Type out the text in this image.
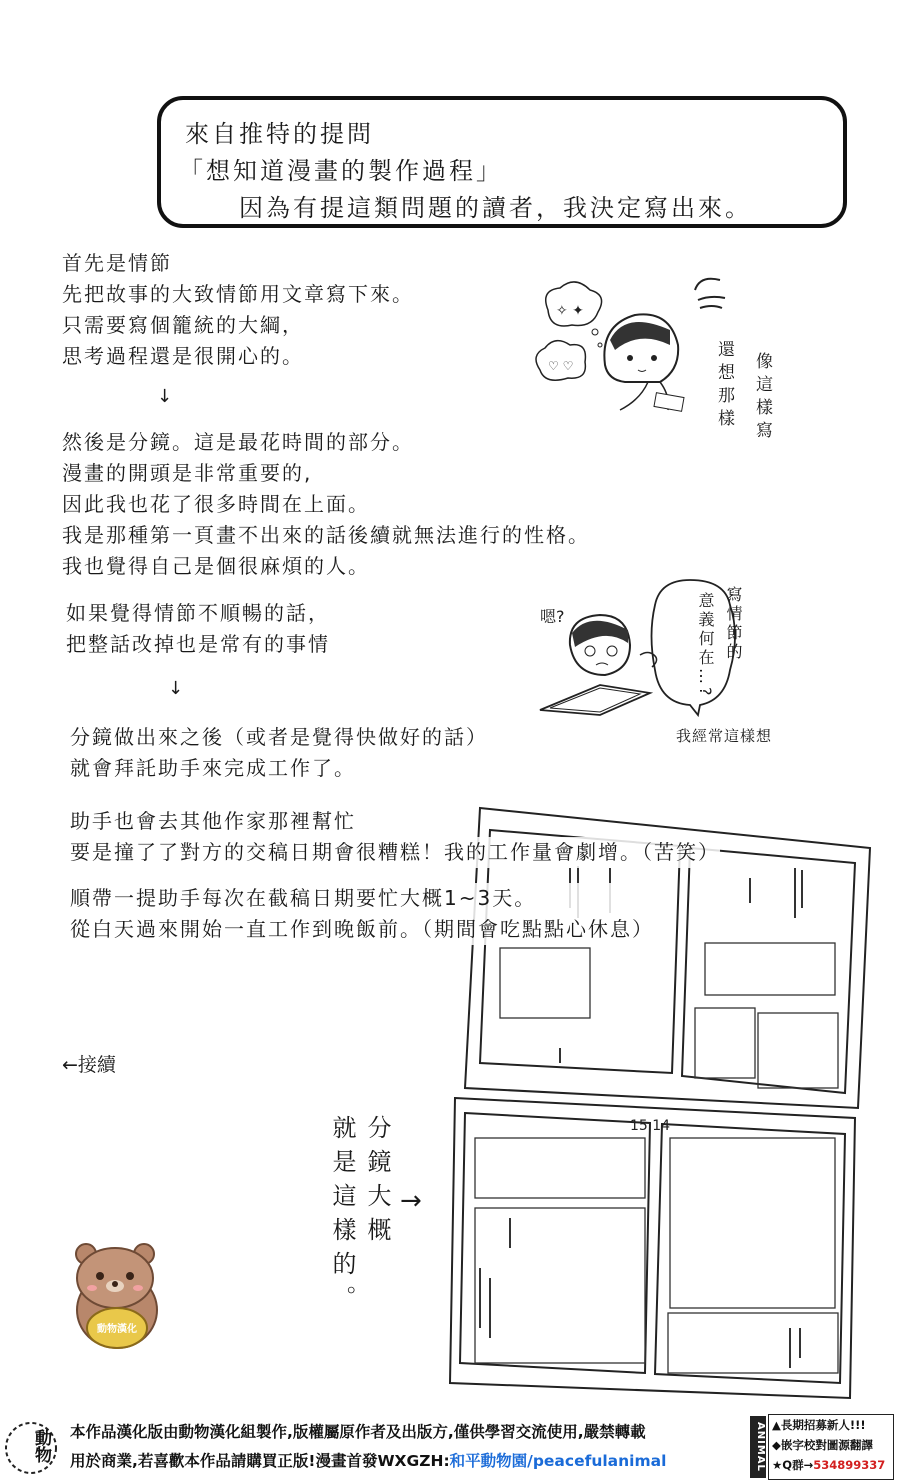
來自推特的提問
「想知道漫畫的製作過程」
因為有提這類問題的讀者，我決定寫出來。
首先是情節
先把故事的大致情節用文章寫下來。
只需要寫個籠統的大綱，
思考過程還是很開心的。
↓
然後是分鏡。這是最花時間的部分。
漫畫的開頭是非常重要的,
因此我也花了很多時間在上面。
我是那種第一頁畫不出來的話後續就無法進行的性格。
我也覺得自己是個很麻煩的人。
如果覺得情節不順暢的話，
把整話改掉也是常有的事情
↓
分鏡做出來之後（或者是覺得快做好的話）
就會拜託助手來完成工作了。
✧ ✦
♡ ♡	像這樣寫
還想那樣
嗯?	寫情節的
意義何在…?
我經常這樣想
15 14
助手也會去其他作家那裡幫忙
要是撞了了對方的交稿日期會很糟糕！我的工作量會劇增。（苦笑）
順帶一提助手每次在截稿日期要忙大概1~3天。
從白天過來開始一直工作到晚飯前。（期間會吃點點心休息）
←接續
分鏡大概
就是這樣的。 →
動物漢化
動物 本作品漢化版由動物漢化組製作,版權屬原作者及出版方,僅供學習交流使用,嚴禁轉載
用於商業,若喜歡本作品請購買正版!漫畫首發WXGZH:和平動物園/peacefulanimal	ANIMAL ▲長期招募新人!!!
◆嵌字校對圖源翻譯
★Q群→534899337
